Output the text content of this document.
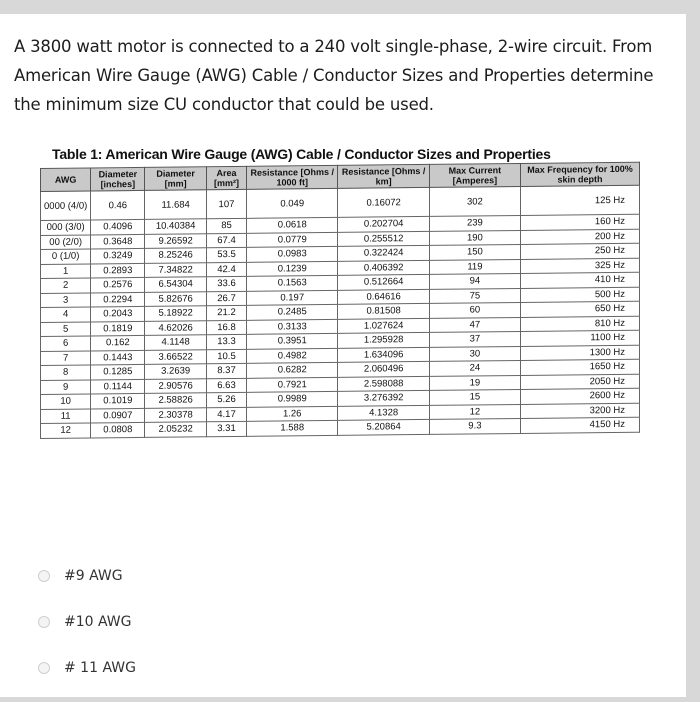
A 3800 watt motor is connected to a 240 volt single-phase, 2-wire circuit. From American Wire Gauge (AWG) Cable / Conductor Sizes and Properties determine the minimum size CU conductor that could be used.
Table 1: American Wire Gauge (AWG) Cable / Conductor Sizes and Properties
AWG	Diameter [inches]	Diameter [mm]	Area [mm²]	Resistance [Ohms / 1000 ft]	Resistance [Ohms / km]	Max Current [Amperes]	Max Frequency for 100% skin depth
0000 (4/0)	0.46	11.684	107	0.049	0.16072	302	125 Hz
000 (3/0)	0.4096	10.40384	85	0.0618	0.202704	239	160 Hz
00 (2/0)	0.3648	9.26592	67.4	0.0779	0.255512	190	200 Hz
0 (1/0)	0.3249	8.25246	53.5	0.0983	0.322424	150	250 Hz
1	0.2893	7.34822	42.4	0.1239	0.406392	119	325 Hz
2	0.2576	6.54304	33.6	0.1563	0.512664	94	410 Hz
3	0.2294	5.82676	26.7	0.197	0.64616	75	500 Hz
4	0.2043	5.18922	21.2	0.2485	0.81508	60	650 Hz
5	0.1819	4.62026	16.8	0.3133	1.027624	47	810 Hz
6	0.162	4.1148	13.3	0.3951	1.295928	37	1100 Hz
7	0.1443	3.66522	10.5	0.4982	1.634096	30	1300 Hz
8	0.1285	3.2639	8.37	0.6282	2.060496	24	1650 Hz
9	0.1144	2.90576	6.63	0.7921	2.598088	19	2050 Hz
10	0.1019	2.58826	5.26	0.9989	3.276392	15	2600 Hz
11	0.0907	2.30378	4.17	1.26	4.1328	12	3200 Hz
12	0.0808	2.05232	3.31	1.588	5.20864	9.3	4150 Hz
#9 AWG
#10 AWG
# 11 AWG
